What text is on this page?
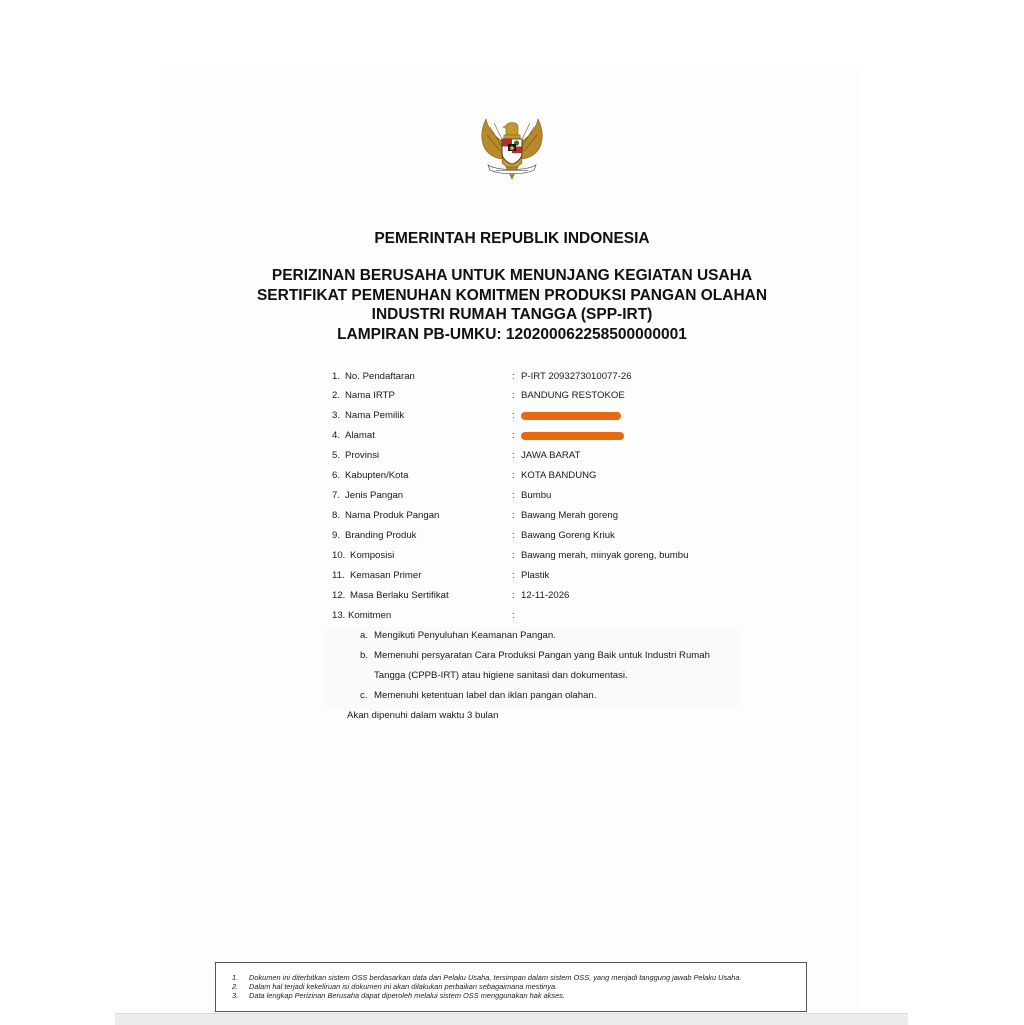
PEMERINTAH REPUBLIK INDONESIA
PERIZINAN BERUSAHA UNTUK MENUNJANG KEGIATAN USAHA
SERTIFIKAT PEMENUHAN KOMITMEN PRODUKSI PANGAN OLAHAN
INDUSTRI RUMAH TANGGA (SPP-IRT)
LAMPIRAN PB-UMKU: 120200062258500000001
1. No. Pendaftaran	: P-IRT 2093273010077-26
2. Nama IRTP	: BANDUNG RESTOKOE
3. Nama Pemilik	:
4. Alamat	:
5. Provinsi	: JAWA BARAT
6. Kabupten/Kota	: KOTA BANDUNG
7. Jenis Pangan	: Bumbu
8. Nama Produk Pangan	: Bawang Merah goreng
9. Branding Produk	: Bawang Goreng Kriuk
10. Komposisi	: Bawang merah, minyak goreng, bumbu
11. Kemasan Primer	: Plastik
12. Masa Berlaku Sertifikat	: 12-11-2026
13. Komitmen	:
a. Mengikuti Penyuluhan Keamanan Pangan.
b. Memenuhi persyaratan Cara Produksi Pangan yang Baik untuk Industri Rumah
Tangga (CPPB-IRT) atau higiene sanitasi dan dokumentasi.
c. Memenuhi ketentuan label dan iklan pangan olahan.
Akan dipenuhi dalam waktu 3 bulan
1. Dokumen ini diterbitkan sistem OSS berdasarkan data dari Pelaku Usaha, tersimpan dalam sistem OSS, yang menjadi tanggung jawab Pelaku Usaha.
2. Dalam hal terjadi kekeliruan isi dokumen ini akan dilakukan perbaikan sebagaimana mestinya.
3. Data lengkap Perizinan Berusaha dapat diperoleh melalui sistem OSS menggunakan hak akses.
